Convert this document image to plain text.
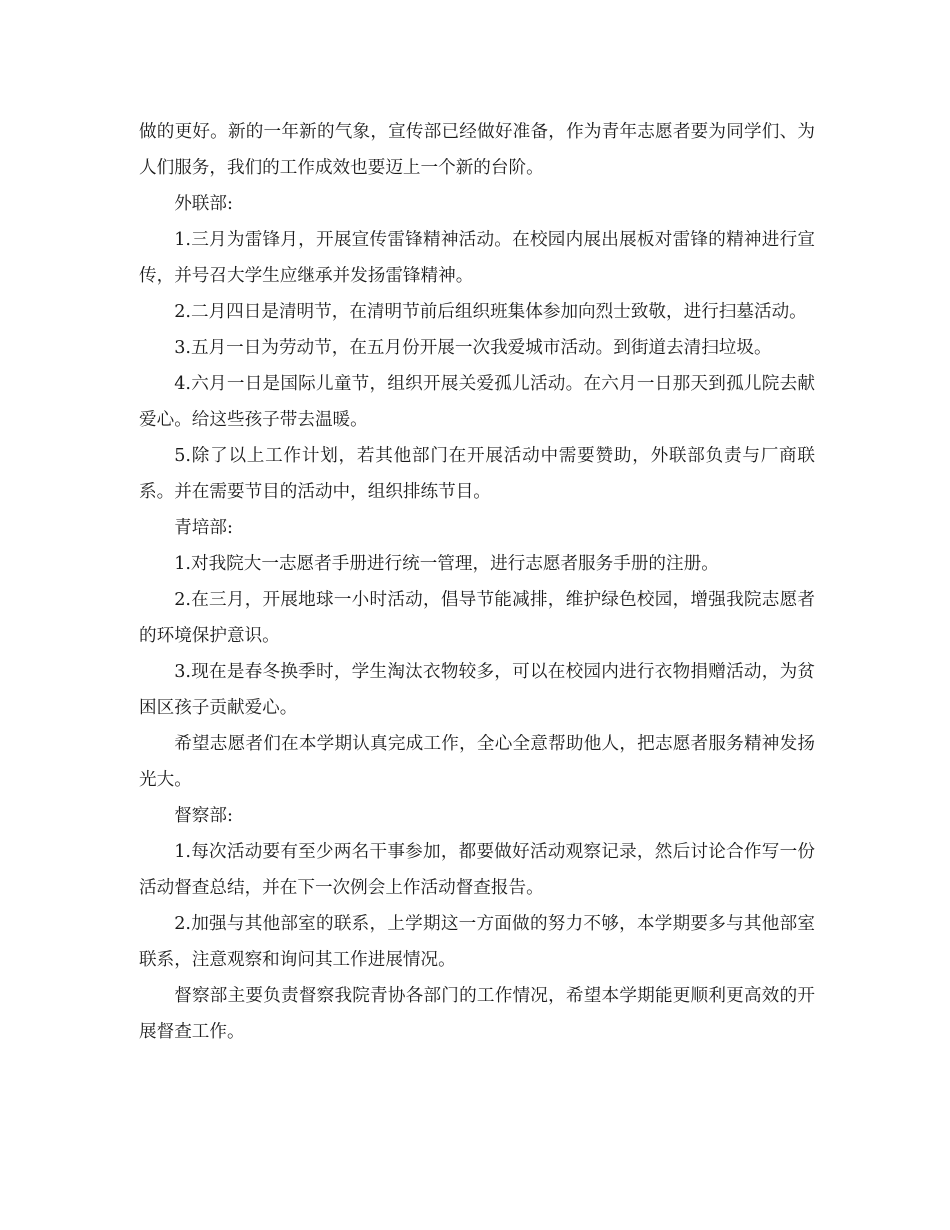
做的更好。新的一年新的气象，宣传部已经做好准备，作为青年志愿者要为同学们、为人们服务，我们的工作成效也要迈上一个新的台阶。

外联部:

1.三月为雷锋月，开展宣传雷锋精神活动。在校园内展出展板对雷锋的精神进行宣传，并号召大学生应继承并发扬雷锋精神。

2.二月四日是清明节，在清明节前后组织班集体参加向烈士致敬，进行扫墓活动。

3.五月一日为劳动节，在五月份开展一次我爱城市活动。到街道去清扫垃圾。

4.六月一日是国际儿童节，组织开展关爱孤儿活动。在六月一日那天到孤儿院去献爱心。给这些孩子带去温暖。

5.除了以上工作计划，若其他部门在开展活动中需要赞助，外联部负责与厂商联系。并在需要节目的活动中，组织排练节目。

青培部:

1.对我院大一志愿者手册进行统一管理，进行志愿者服务手册的注册。

2.在三月，开展地球一小时活动，倡导节能减排，维护绿色校园，增强我院志愿者的环境保护意识。

3.现在是春冬换季时，学生淘汰衣物较多，可以在校园内进行衣物捐赠活动，为贫困区孩子贡献爱心。

希望志愿者们在本学期认真完成工作，全心全意帮助他人，把志愿者服务精神发扬光大。

督察部:

1.每次活动要有至少两名干事参加，都要做好活动观察记录，然后讨论合作写一份活动督查总结，并在下一次例会上作活动督查报告。

2.加强与其他部室的联系，上学期这一方面做的努力不够，本学期要多与其他部室联系，注意观察和询问其工作进展情况。

督察部主要负责督察我院青协各部门的工作情况，希望本学期能更顺利更高效的开展督查工作。
